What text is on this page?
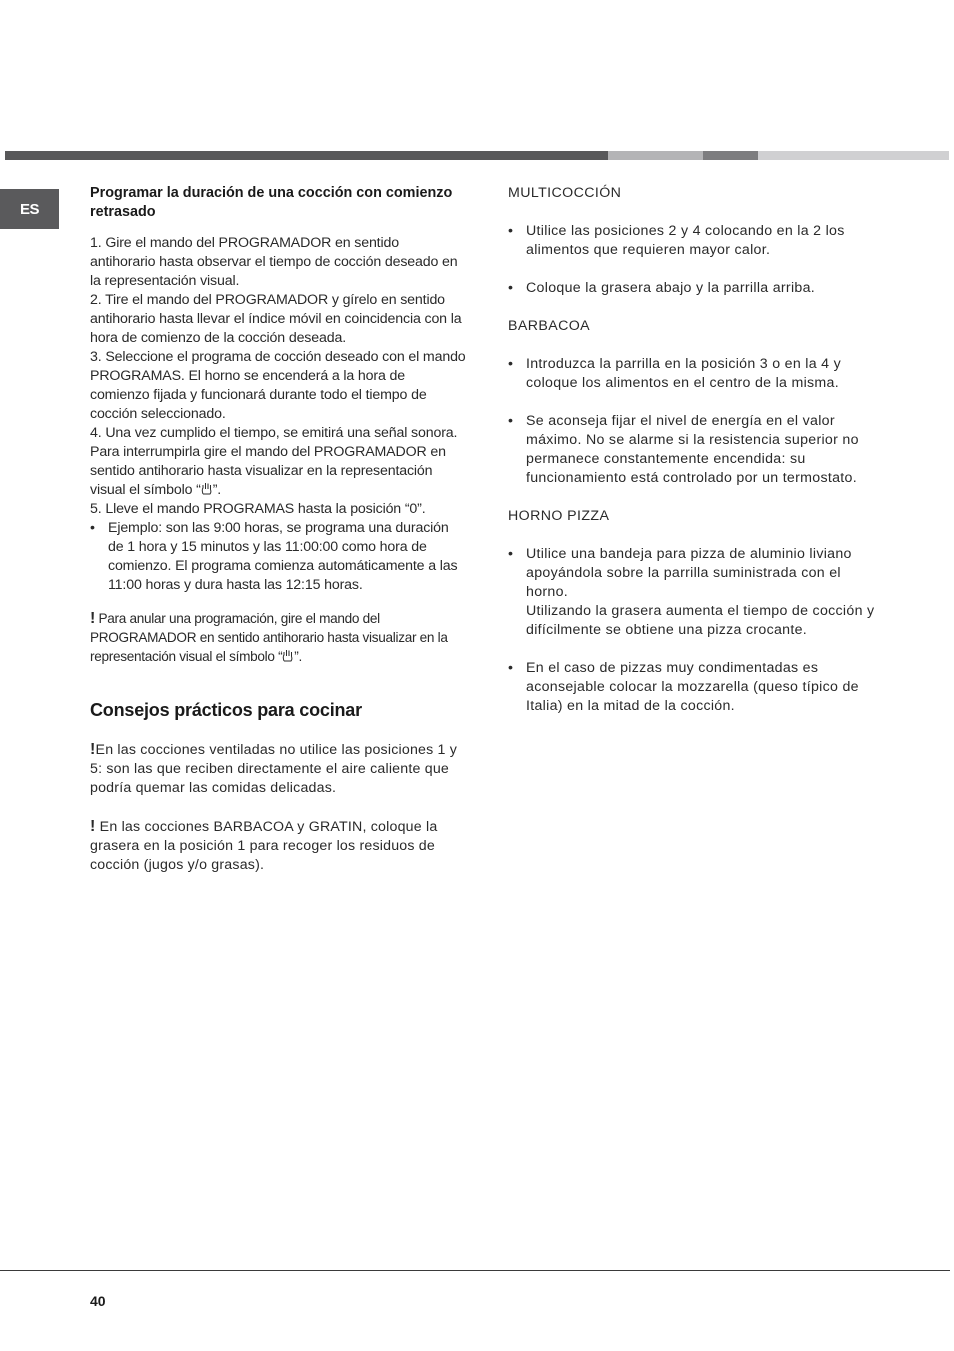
ES

Programar la duración de una cocción con comienzo retrasado

1. Gire el mando del PROGRAMADOR en sentido antihorario hasta observar el tiempo de cocción deseado en la representación visual.

2. Tire el mando del PROGRAMADOR y gírelo en sentido antihorario hasta llevar el índice móvil en coincidencia con la hora de comienzo de la cocción deseada.

3. Seleccione el programa de cocción deseado con el mando PROGRAMAS. El horno se encenderá a la hora de comienzo fijada y funcionará durante todo el tiempo de cocción seleccionado.

4. Una vez cumplido el tiempo, se emitirá una señal sonora. Para interrumpirla gire el mando del PROGRAMADOR en sentido antihorario hasta visualizar en la representación visual el símbolo “ ”.

5. Lleve el mando PROGRAMAS hasta la posición “0”.

• Ejemplo: son las 9:00 horas, se programa una duración de 1 hora y 15 minutos y las 11:00:00 como hora de comienzo. El programa comienza automáticamente a las 11:00 horas y dura hasta las 12:15 horas.

! Para anular una programación, gire el mando del PROGRAMADOR en sentido antihorario hasta visualizar en la representación visual el símbolo “ ”.

Consejos prácticos para cocinar

!En las cocciones ventiladas no utilice las posiciones 1 y 5: son las que reciben directamente el aire caliente que podría quemar las comidas delicadas.

! En las cocciones BARBACOA y GRATIN, coloque la grasera en la posición 1 para recoger los residuos de cocción (jugos y/o grasas).

MULTICOCCIÓN

• Utilice las posiciones 2 y 4 colocando en la 2 los alimentos que requieren mayor calor.
• Coloque la grasera abajo y la parrilla arriba.

BARBACOA

• Introduzca la parrilla en la posición 3 o en la 4 y coloque los alimentos en el centro de la misma.
• Se aconseja fijar el nivel de energía en el valor máximo. No se alarme si la resistencia superior no permanece constantemente encendida: su funcionamiento está controlado por un termostato.

HORNO PIZZA

• Utilice una bandeja para pizza de aluminio liviano apoyándola sobre la parrilla suministrada con el horno.
Utilizando la grasera aumenta el tiempo de cocción y difícilmente se obtiene una pizza crocante.
• En el caso de pizzas muy condimentadas es aconsejable colocar la mozzarella (queso típico de Italia) en la mitad de la cocción.
40
